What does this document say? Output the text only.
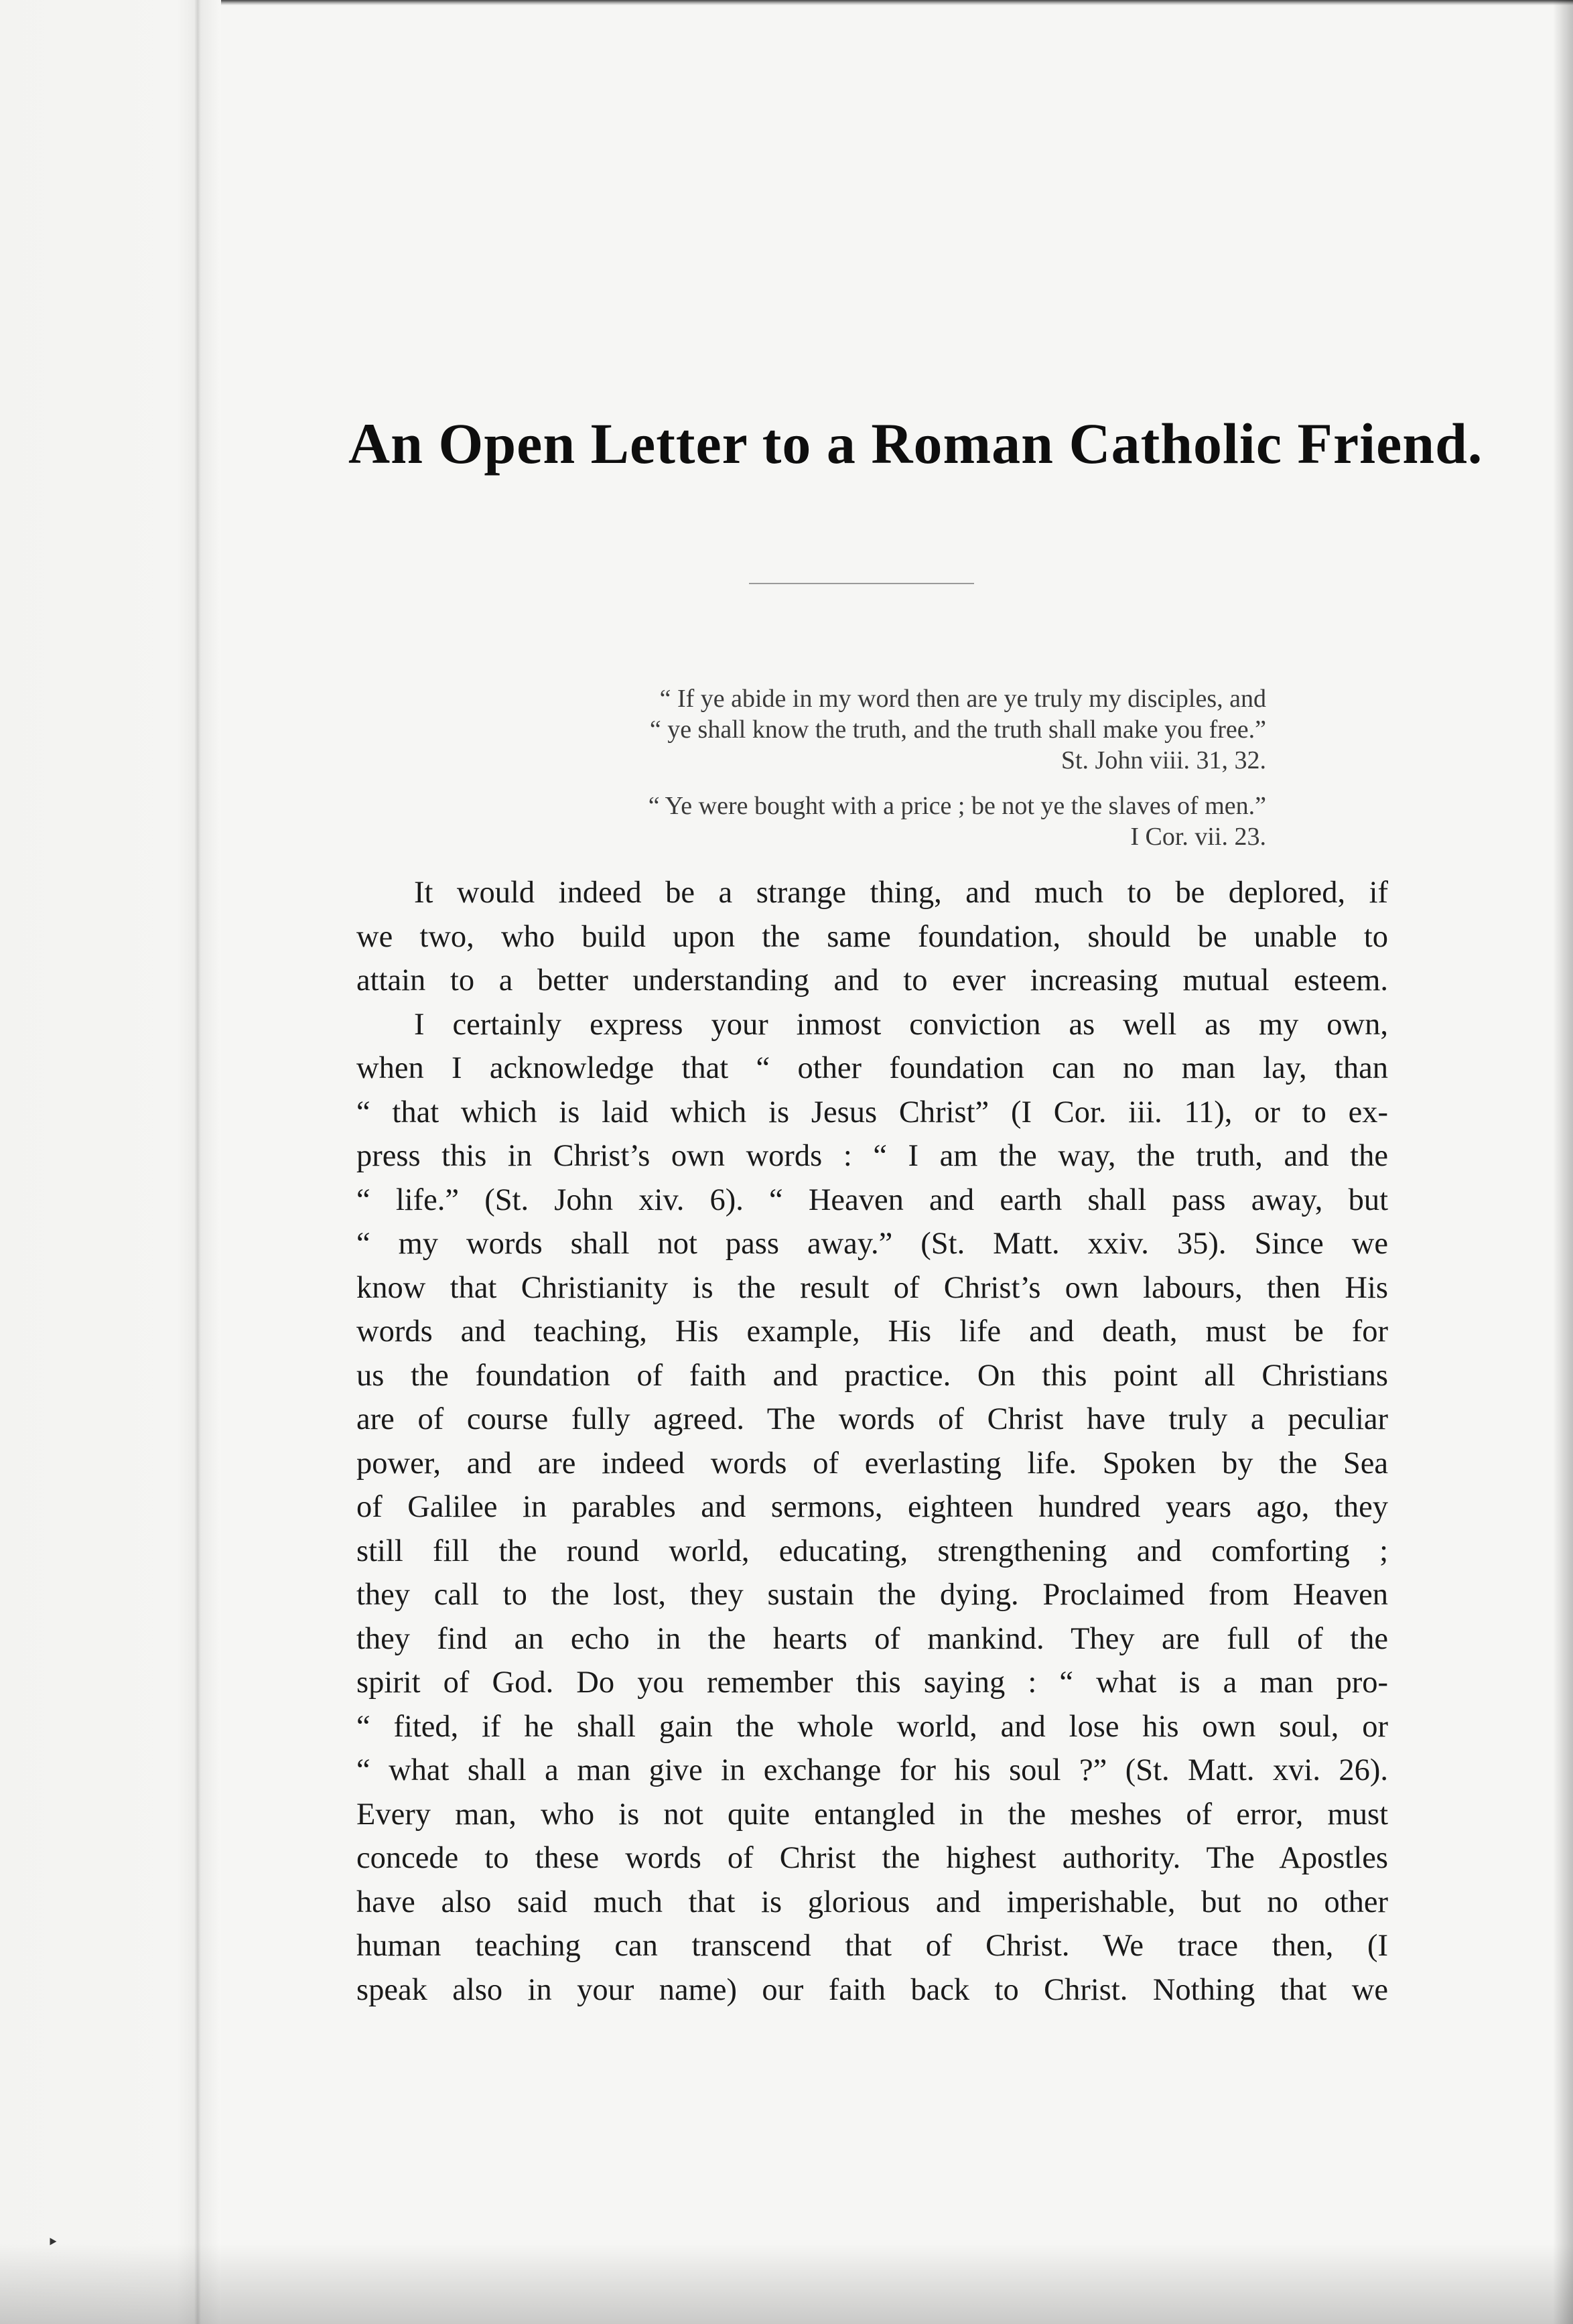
An Open Letter to a Roman Catholic Friend.
“ If ye abide in my word then are ye truly my disciples, and
“ ye shall know the truth, and the truth shall make you free.”
St. John viii. 31, 32.
“ Ye were bought with a price ; be not ye the slaves of men.”
I Cor. vii. 23.
It would indeed be a strange thing, and much to be deplored, if
we two, who build upon the same foundation, should be unable to
attain to a better understanding and to ever increasing mutual esteem.
I certainly express your inmost conviction as well as my own,
when I acknowledge that “ other foundation can no man lay, than
“ that which is laid which is Jesus Christ” (I Cor. iii. 11), or to ex-
press this in Christ’s own words : “ I am the way, the truth, and the
“ life.” (St. John xiv. 6). “ Heaven and earth shall pass away, but
“ my words shall not pass away.” (St. Matt. xxiv. 35). Since we
know that Christianity is the result of Christ’s own labours, then His
words and teaching, His example, His life and death, must be for
us the foundation of faith and practice. On this point all Christians
are of course fully agreed. The words of Christ have truly a peculiar
power, and are indeed words of everlasting life. Spoken by the Sea
of Galilee in parables and sermons, eighteen hundred years ago, they
still fill the round world, educating, strengthening and comforting ;
they call to the lost, they sustain the dying. Proclaimed from Heaven
they find an echo in the hearts of mankind. They are full of the
spirit of God. Do you remember this saying : “ what is a man pro-
“ fited, if he shall gain the whole world, and lose his own soul, or
“ what shall a man give in exchange for his soul ?” (St. Matt. xvi. 26).
Every man, who is not quite entangled in the meshes of error, must
concede to these words of Christ the highest authority. The Apostles
have also said much that is glorious and imperishable, but no other
human teaching can transcend that of Christ. We trace then, (I
speak also in your name) our faith back to Christ. Nothing that we
